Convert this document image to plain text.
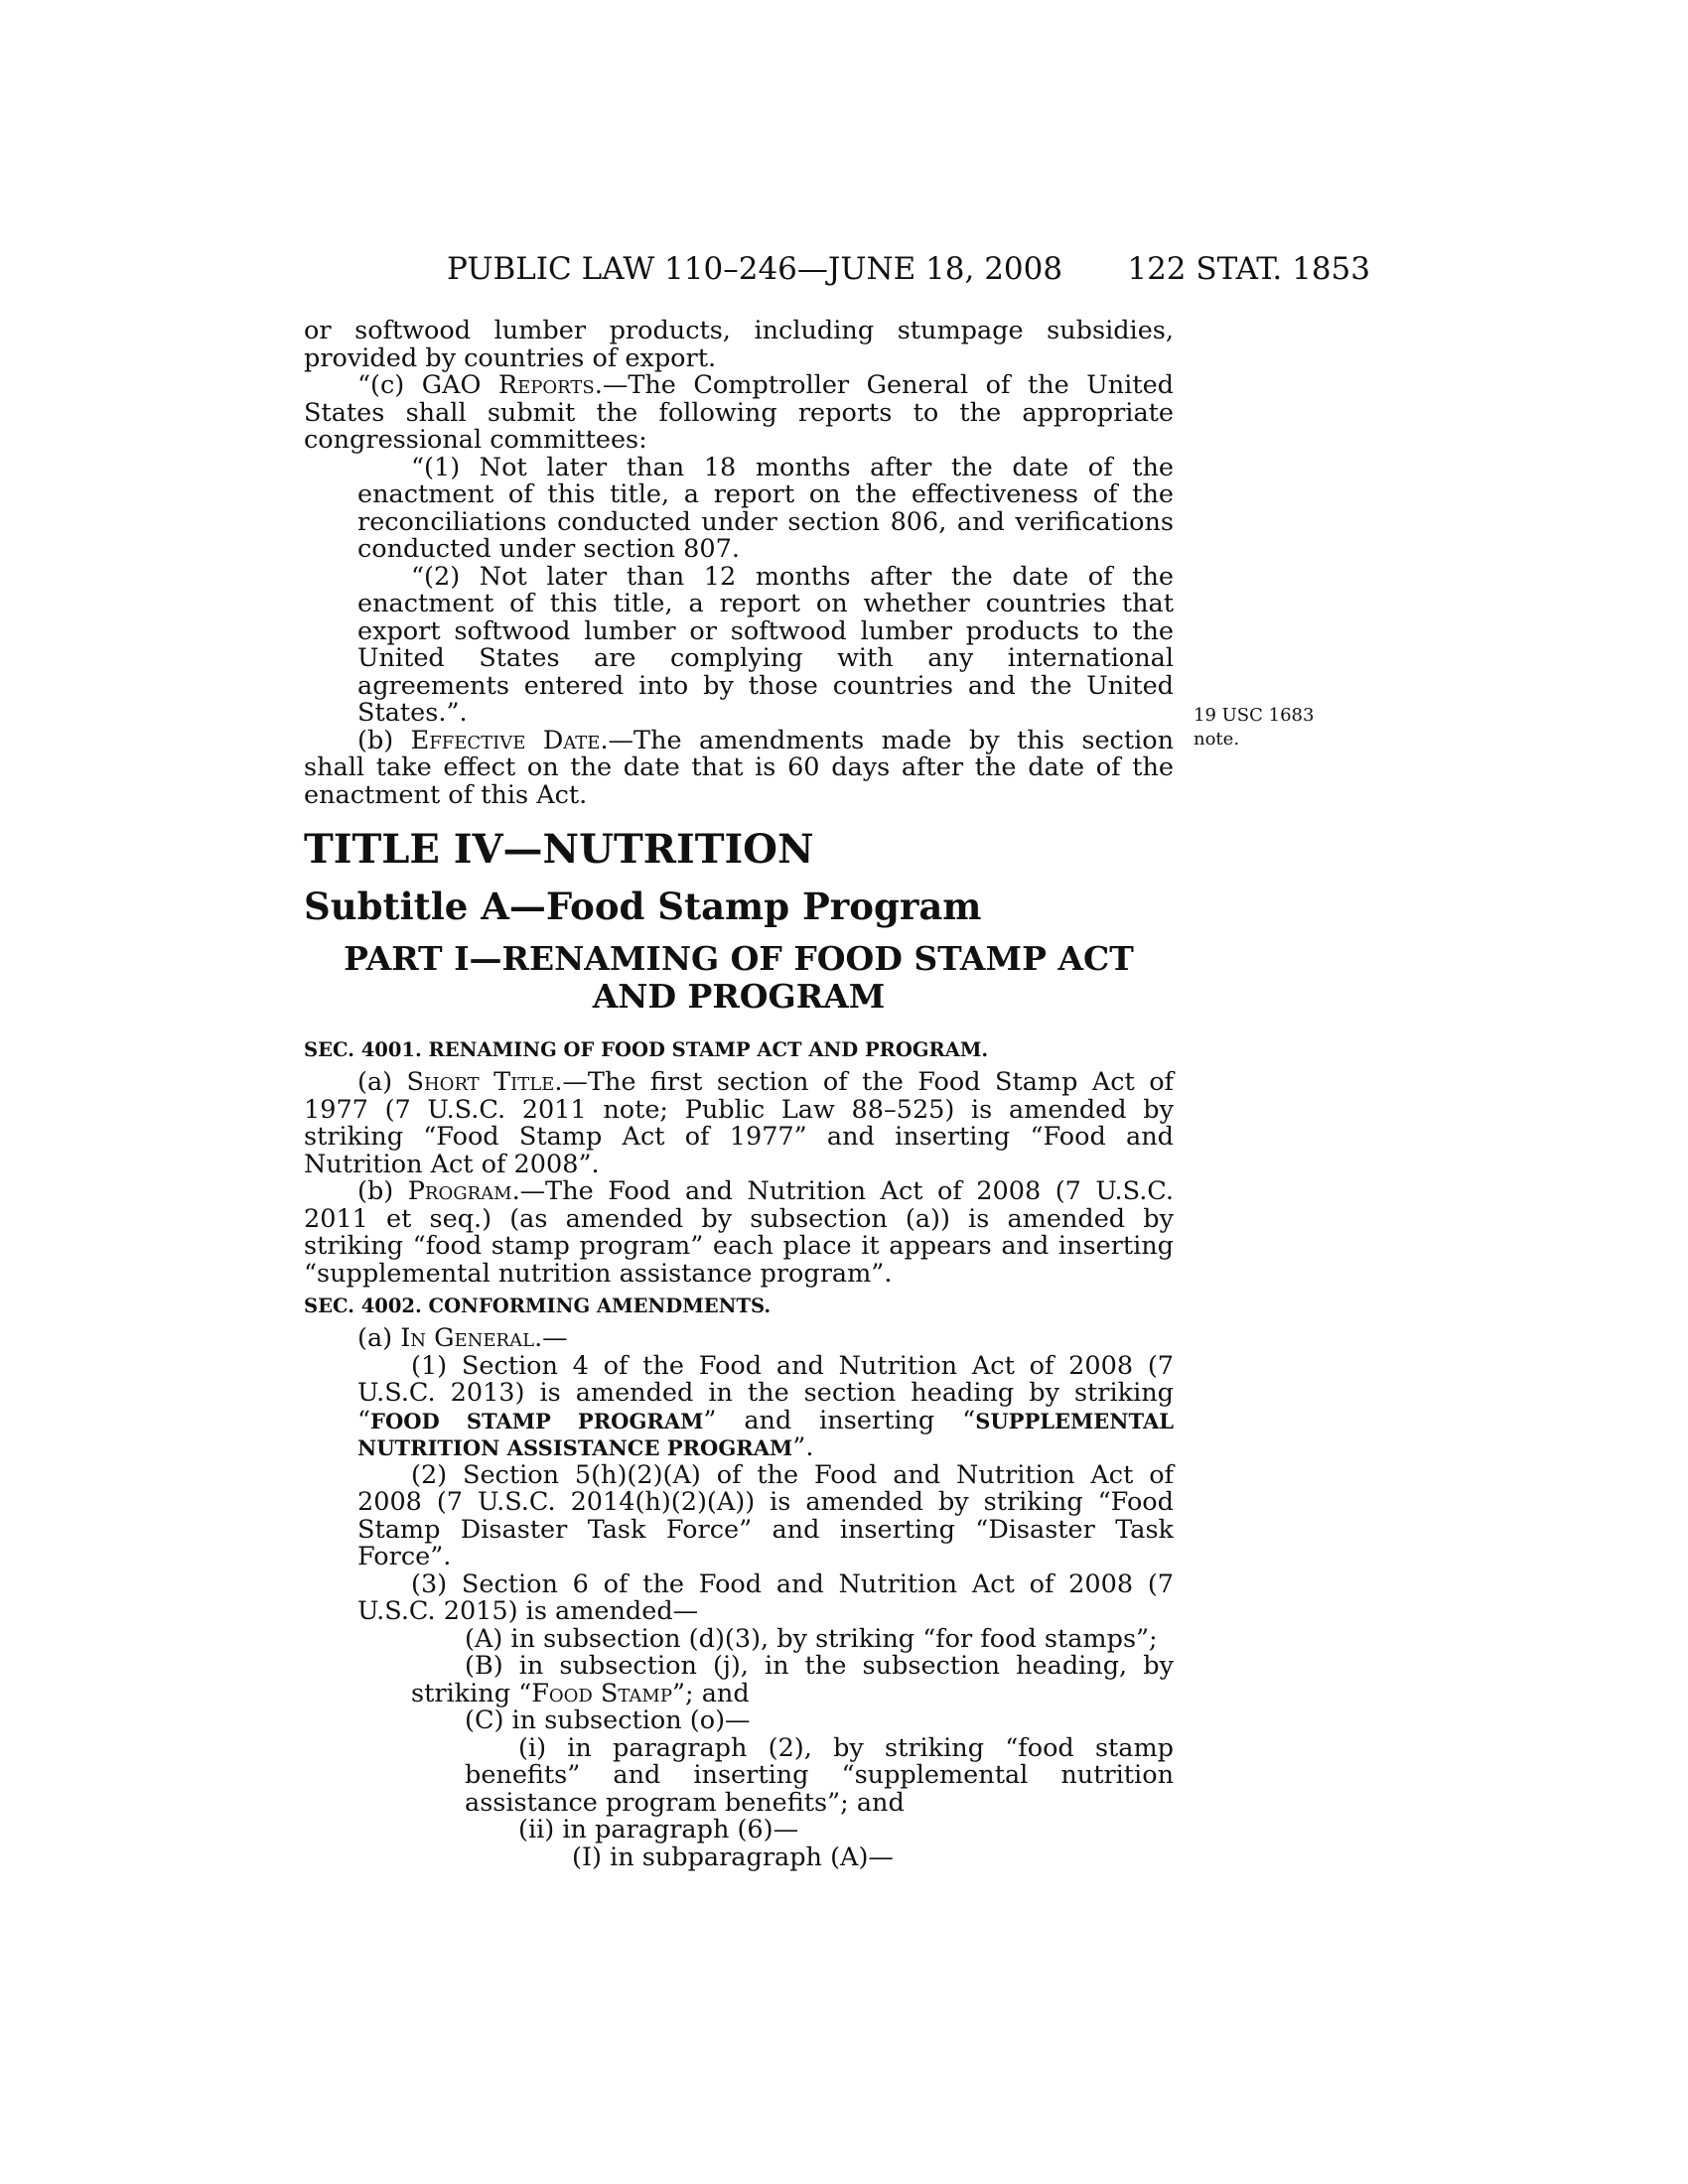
PUBLIC LAW 110–246—JUNE 18, 2008 122 STAT. 1853
19 USC 1683
note.

or softwood lumber products, including stumpage subsidies, provided by countries of export.

“(c) GAO Reports.—The Comptroller General of the United States shall submit the following reports to the appropriate congressional committees:

“(1) Not later than 18 months after the date of the enactment of this title, a report on the effectiveness of the reconciliations conducted under section 806, and verifications conducted under section 807.

“(2) Not later than 12 months after the date of the enactment of this title, a report on whether countries that export softwood lumber or softwood lumber products to the United States are complying with any international agreements entered into by those countries and the United States.”.

(b) Effective Date.—The amendments made by this section shall take effect on the date that is 60 days after the date of the enactment of this Act.

TITLE IV—NUTRITION

Subtitle A—Food Stamp Program

PART I—RENAMING OF FOOD STAMP ACT AND PROGRAM

SEC. 4001. RENAMING OF FOOD STAMP ACT AND PROGRAM.

(a) Short Title.—The first section of the Food Stamp Act of 1977 (7 U.S.C. 2011 note; Public Law 88–525) is amended by striking “Food Stamp Act of 1977” and inserting “Food and Nutrition Act of 2008”.

(b) Program.—The Food and Nutrition Act of 2008 (7 U.S.C. 2011 et seq.) (as amended by subsection (a)) is amended by striking “food stamp program” each place it appears and inserting “supplemental nutrition assistance program”.

SEC. 4002. CONFORMING AMENDMENTS.

(a) In General.—

(1) Section 4 of the Food and Nutrition Act of 2008 (7 U.S.C. 2013) is amended in the section heading by striking “FOOD STAMP PROGRAM” and inserting “SUPPLEMENTAL NUTRITION ASSISTANCE PROGRAM”.

(2) Section 5(h)(2)(A) of the Food and Nutrition Act of 2008 (7 U.S.C. 2014(h)(2)(A)) is amended by striking “Food Stamp Disaster Task Force” and inserting “Disaster Task Force”.

(3) Section 6 of the Food and Nutrition Act of 2008 (7 U.S.C. 2015) is amended—

(A) in subsection (d)(3), by striking “for food stamps”;

(B) in subsection (j), in the subsection heading, by striking “Food Stamp”; and

(C) in subsection (o)—

(i) in paragraph (2), by striking “food stamp benefits” and inserting “supplemental nutrition assistance program benefits”; and

(ii) in paragraph (6)—

(I) in subparagraph (A)—
